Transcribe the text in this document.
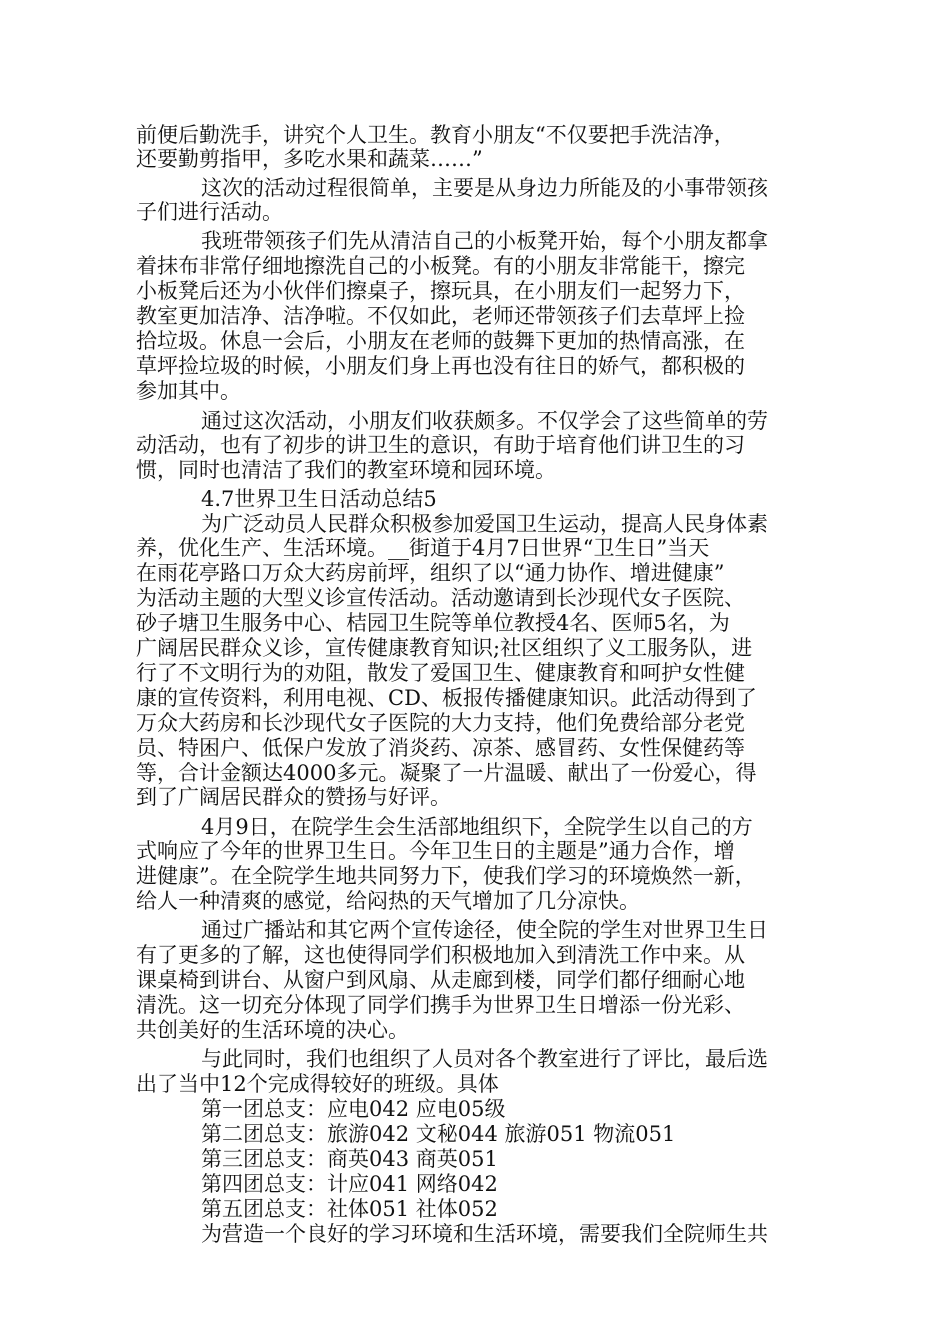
前便后勤洗手，讲究个人卫生。教育小朋友“不仅要把手洗洁净，
还要勤剪指甲，多吃水果和蔬菜……”
这次的活动过程很简单，主要是从身边力所能及的小事带领孩
子们进行活动。
我班带领孩子们先从清洁自己的小板凳开始，每个小朋友都拿
着抹布非常仔细地擦洗自己的小板凳。有的小朋友非常能干，擦完
小板凳后还为小伙伴们擦桌子，擦玩具，在小朋友们一起努力下，
教室更加洁净、洁净啦。不仅如此，老师还带领孩子们去草坪上捡
拾垃圾。休息一会后，小朋友在老师的鼓舞下更加的热情高涨，在
草坪捡垃圾的时候，小朋友们身上再也没有往日的娇气，都积极的
参加其中。
通过这次活动，小朋友们收获颇多。不仅学会了这些简单的劳
动活动，也有了初步的讲卫生的意识，有助于培育他们讲卫生的习
惯，同时也清洁了我们的教室环境和园环境。
4.7世界卫生日活动总结5
为广泛动员人民群众积极参加爱国卫生运动，提高人民身体素
养，优化生产、生活环境。__街道于4月7日世界“卫生日”当天
在雨花亭路口万众大药房前坪，组织了以“通力协作、增进健康”
为活动主题的大型义诊宣传活动。活动邀请到长沙现代女子医院、
砂子塘卫生服务中心、桔园卫生院等单位教授4名、医师5名，为
广阔居民群众义诊，宣传健康教育知识;社区组织了义工服务队，进
行了不文明行为的劝阻，散发了爱国卫生、健康教育和呵护女性健
康的宣传资料，利用电视、CD、板报传播健康知识。此活动得到了
万众大药房和长沙现代女子医院的大力支持，他们免费给部分老党
员、特困户、低保户发放了消炎药、凉茶、感冒药、女性保健药等
等，合计金额达4000多元。凝聚了一片温暖、献出了一份爱心，得
到了广阔居民群众的赞扬与好评。
4月9日，在院学生会生活部地组织下，全院学生以自己的方
式响应了今年的世界卫生日。今年卫生日的主题是”通力合作，增
进健康”。在全院学生地共同努力下，使我们学习的环境焕然一新，
给人一种清爽的感觉，给闷热的天气增加了几分凉快。
通过广播站和其它两个宣传途径，使全院的学生对世界卫生日
有了更多的了解，这也使得同学们积极地加入到清洗工作中来。从
课桌椅到讲台、从窗户到风扇、从走廊到楼，同学们都仔细耐心地
清洗。这一切充分体现了同学们携手为世界卫生日增添一份光彩、
共创美好的生活环境的决心。
与此同时，我们也组织了人员对各个教室进行了评比，最后选
出了当中12个完成得较好的班级。具体
第一团总支：应电042 应电05级
第二团总支：旅游042 文秘044 旅游051 物流051
第三团总支：商英043 商英051
第四团总支：计应041 网络042
第五团总支：社体051 社体052
为营造一个良好的学习环境和生活环境，需要我们全院师生共
